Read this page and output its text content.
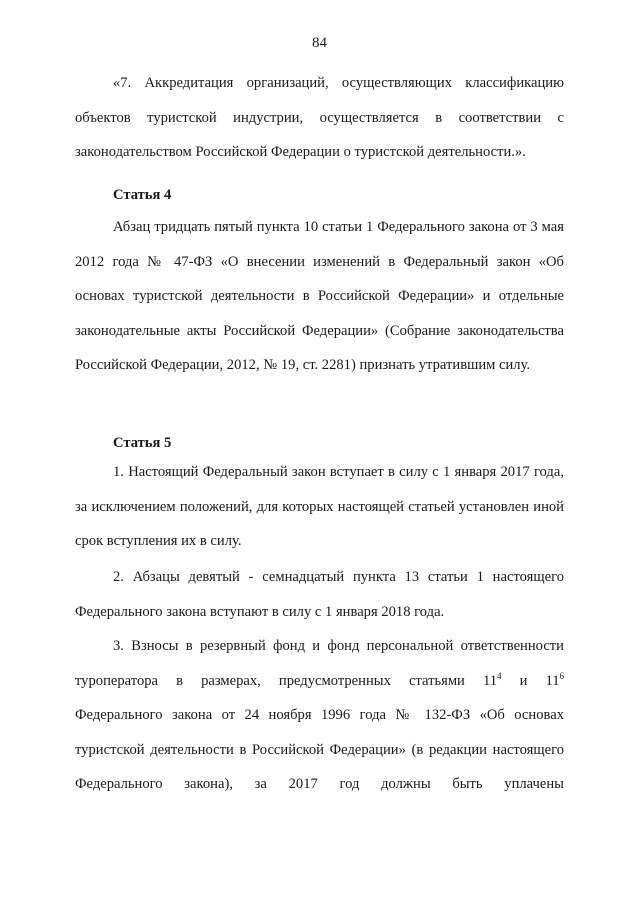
84

«7. Аккредитация организаций, осуществляющих классификацию объектов туристской индустрии, осуществляется в соответствии с законодательством Российской Федерации о туристской деятельности.».

Статья 4

Абзац тридцать пятый пункта 10 статьи 1 Федерального закона от 3 мая 2012 года № 47-ФЗ «О внесении изменений в Федеральный закон «Об основах туристской деятельности в Российской Федерации» и отдельные законодательные акты Российской Федерации» (Собрание законодательства Российской Федерации, 2012, № 19, ст. 2281) признать утратившим силу.

Статья 5

1. Настоящий Федеральный закон вступает в силу с 1 января 2017 года, за исключением положений, для которых настоящей статьей установлен иной срок вступления их в силу.

2. Абзацы девятый - семнадцатый пункта 13 статьи 1 настоящего Федерального закона вступают в силу с 1 января 2018 года.

3. Взносы в резервный фонд и фонд персональной ответственности
туроператора в размерах, предусмотренных статьями $11^4$ и $11^6$
Федерального закона от 24 ноября 1996 года № 132-ФЗ «Об основах туристской деятельности в Российской Федерации» (в редакции настоящего Федерального закона), за 2017 год должны быть уплачены
